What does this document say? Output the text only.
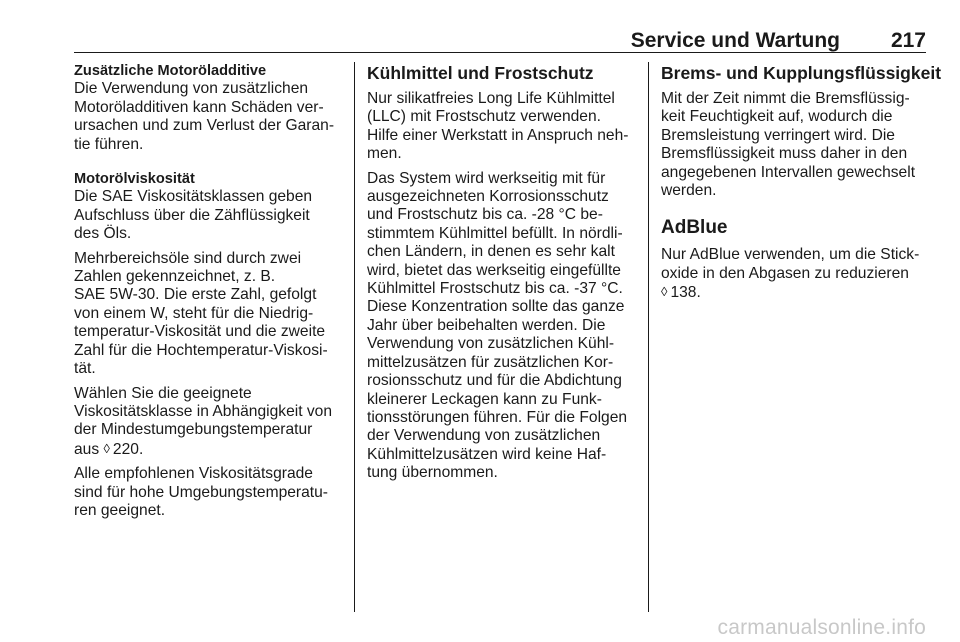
Service und Wartung 217
Zusätzliche Motoröladditive
Die Verwendung von zusätzlichen
Motoröladditiven kann Schäden ver-
ursachen und zum Verlust der Garan-
tie führen.
Motorölviskosität
Die SAE Viskositätsklassen geben
Aufschluss über die Zähflüssigkeit
des Öls.
Mehrbereichsöle sind durch zwei
Zahlen gekennzeichnet, z. B.
SAE 5W-30. Die erste Zahl, gefolgt
von einem W, steht für die Niedrig-
temperatur-Viskosität und die zweite
Zahl für die Hochtemperatur-Viskosi-
tät.
Wählen Sie die geeignete
Viskositätsklasse in Abhängigkeit von
der Mindestumgebungstemperatur
aus ◊ 220.
Alle empfohlenen Viskositätsgrade
sind für hohe Umgebungstemperatu-
ren geeignet.
Kühlmittel und Frostschutz
Nur silikatfreies Long Life Kühlmittel
(LLC) mit Frostschutz verwenden.
Hilfe einer Werkstatt in Anspruch neh-
men.
Das System wird werkseitig mit für
ausgezeichneten Korrosionsschutz
und Frostschutz bis ca. -28 °C be-
stimmtem Kühlmittel befüllt. In nördli-
chen Ländern, in denen es sehr kalt
wird, bietet das werkseitig eingefüllte
Kühlmittel Frostschutz bis ca. -37 °C.
Diese Konzentration sollte das ganze
Jahr über beibehalten werden. Die
Verwendung von zusätzlichen Kühl-
mittelzusätzen für zusätzlichen Kor-
rosionsschutz und für die Abdichtung
kleinerer Leckagen kann zu Funk-
tionsstörungen führen. Für die Folgen
der Verwendung von zusätzlichen
Kühlmittelzusätzen wird keine Haf-
tung übernommen.
Brems- und Kupplungsflüssigkeit
Mit der Zeit nimmt die Bremsflüssig-
keit Feuchtigkeit auf, wodurch die
Bremsleistung verringert wird. Die
Bremsflüssigkeit muss daher in den
angegebenen Intervallen gewechselt
werden.
AdBlue
Nur AdBlue verwenden, um die Stick-
oxide in den Abgasen zu reduzieren
◊ 138.
carmanualsonline.info
